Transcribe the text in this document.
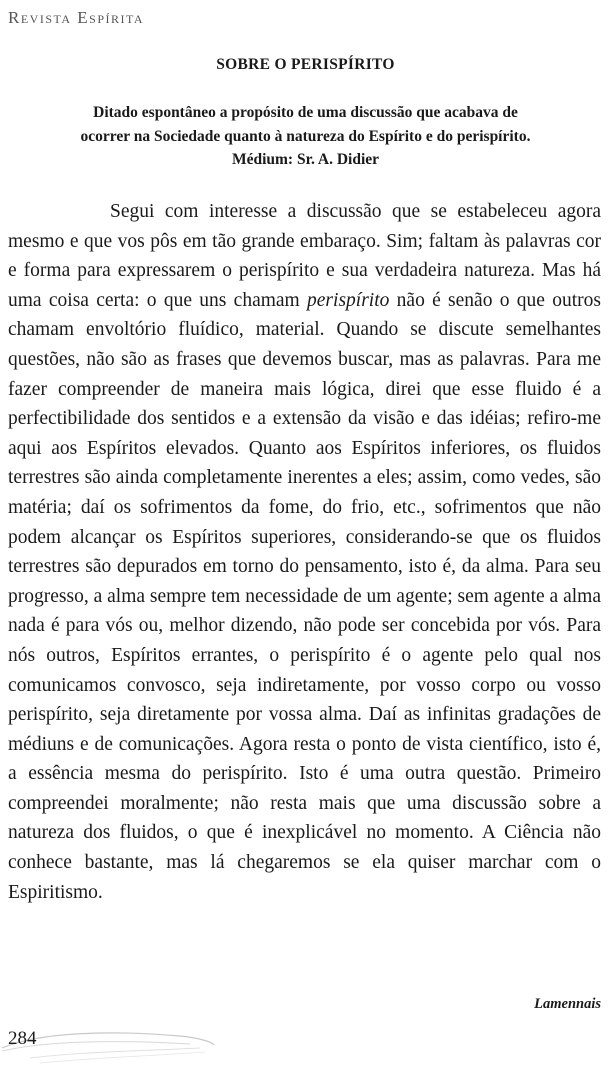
Revista Espírita
SOBRE O PERISPÍRITO
Ditado espontâneo a propósito de uma discussão que acabava de
ocorrer na Sociedade quanto à natureza do Espírito e do perispírito.
Médium: Sr. A. Didier

Segui com interesse a discussão que se estabeleceu agora mesmo e que vos pôs em tão grande embaraço. Sim; faltam às palavras cor e forma para expressarem o perispírito e sua verdadeira natureza. Mas há uma coisa certa: o que uns chamam perispírito não é senão o que outros chamam envoltório fluídico, material. Quando se discute semelhantes questões, não são as frases que devemos buscar, mas as palavras. Para me fazer compreender de maneira mais lógica, direi que esse fluido é a perfectibilidade dos sentidos e a extensão da visão e das idéias; refiro-me aqui aos Espíritos elevados. Quanto aos Espíritos inferiores, os fluidos terrestres são ainda completamente inerentes a eles; assim, como vedes, são matéria; daí os sofrimentos da fome, do frio, etc., sofrimentos que não podem alcançar os Espíritos superiores, considerando-se que os fluidos terrestres são depurados em torno do pensamento, isto é, da alma. Para seu progresso, a alma sempre tem necessidade de um agente; sem agente a alma nada é para vós ou, melhor dizendo, não pode ser concebida por vós. Para nós outros, Espíritos errantes, o perispírito é o agente pelo qual nos comunicamos convosco, seja indiretamente, por vosso corpo ou vosso perispírito, seja diretamente por vossa alma. Daí as infinitas gradações de médiuns e de comunicações. Agora resta o ponto de vista científico, isto é, a essência mesma do perispírito. Isto é uma outra questão. Primeiro compreendei moralmente; não resta mais que uma discussão sobre a natureza dos fluidos, o que é inexplicável no momento. A Ciência não conhece bastante, mas lá chegaremos se ela quiser marchar com o Espiritismo.

Lamennais
284
